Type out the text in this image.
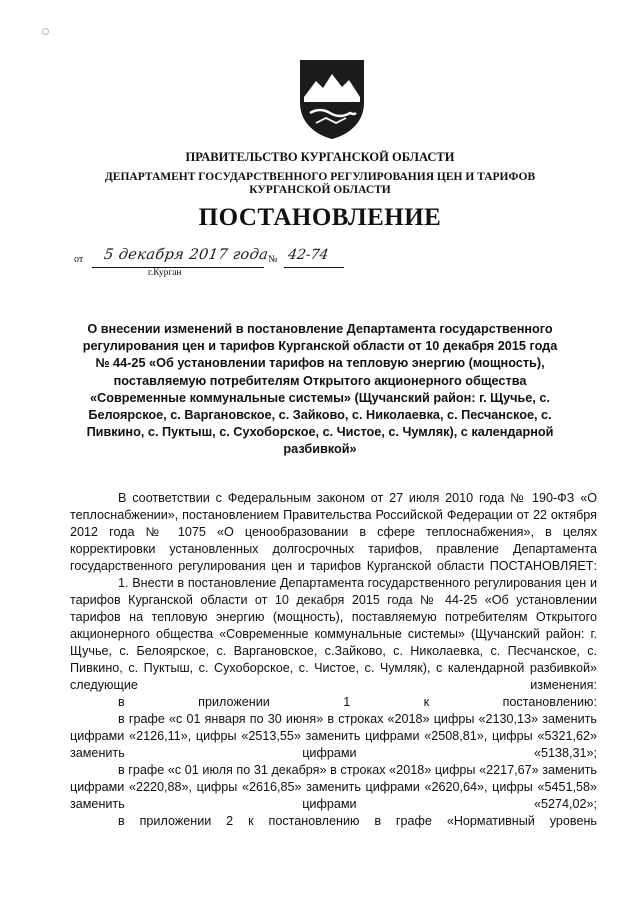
ПРАВИТЕЛЬСТВО КУРГАНСКОЙ ОБЛАСТИ
ДЕПАРТАМЕНТ ГОСУДАРСТВЕННОГО РЕГУЛИРОВАНИЯ ЦЕН И ТАРИФОВ
КУРГАНСКОЙ ОБЛАСТИ
ПОСТАНОВЛЕНИЕ
от 5 декабря 2017 года
№ 42-74
г.Курган

О внесении изменений в постановление Департамента государственного регулирования цен и тарифов Курганской области от 10 декабря 2015 года № 44-25 «Об установлении тарифов на тепловую энергию (мощность), поставляемую потребителям Открытого акционерного общества «Современные коммунальные системы» (Щучанский район: г. Щучье, с. Белоярское, с. Варгановское, с. Зайково, с. Николаевка, с. Песчанское, с. Пивкино, с. Пуктыш, с. Сухоборское, с. Чистое, с. Чумляк), с календарной разбивкой»

В соответствии с Федеральным законом от 27 июля 2010 года № 190-ФЗ «О теплоснабжении», постановлением Правительства Российской Федерации от 22 октября 2012 года № 1075 «О ценообразовании в сфере теплоснабжения», в целях корректировки установленных долгосрочных тарифов, правление Департамента государственного регулирования цен и тарифов Курганской области ПОСТАНОВЛЯЕТ:

1. Внести в постановление Департамента государственного регулирования цен и тарифов Курганской области от 10 декабря 2015 года № 44-25 «Об установлении тарифов на тепловую энергию (мощность), поставляемую потребителям Открытого акционерного общества «Современные коммунальные системы» (Щучанский район: г. Щучье, с. Белоярское, с. Варгановское, с.Зайково, с. Николаевка, с. Песчанское, с. Пивкино, с. Пуктыш, с. Сухоборское, с. Чистое, с. Чумляк), с календарной разбивкой» следующие изменения:

в приложении 1 к постановлению:

в графе «с 01 января по 30 июня» в строках «2018» цифры «2130,13» заменить цифрами «2126,11», цифры «2513,55» заменить цифрами «2508,81», цифры «5321,62» заменить цифрами «5138,31»;

в графе «с 01 июля по 31 декабря» в строках «2018» цифры «2217,67» заменить цифрами «2220,88», цифры «2616,85» заменить цифрами «2620,64», цифры «5451,58» заменить цифрами «5274,02»;

в приложении 2 к постановлению в графе «Нормативный уровень
